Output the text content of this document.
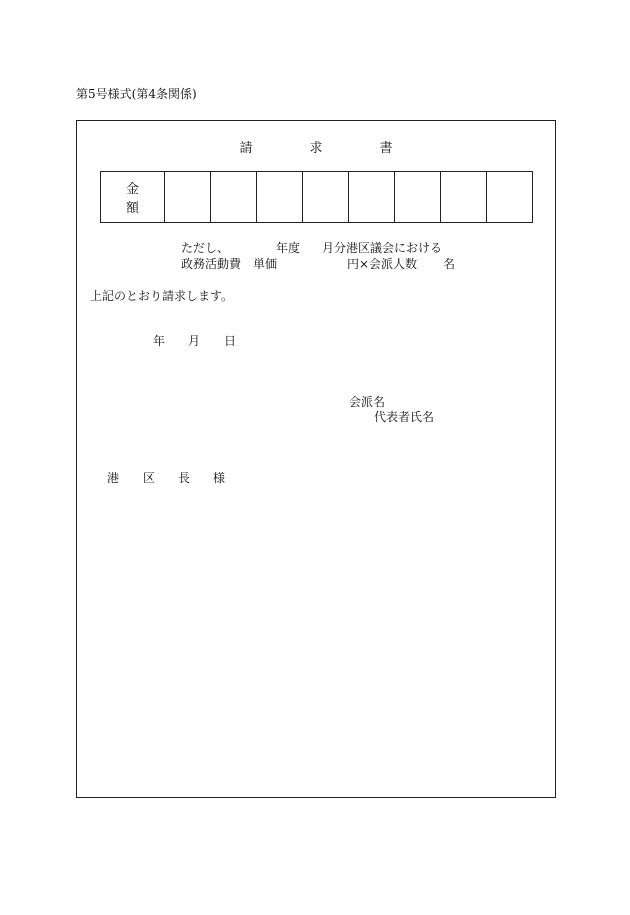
第5号様式(第4条関係)
請　求　書
金　額								
ただし、	年度 月分港区議会における
政務活動費　単価	円×会派人数 名
上記のとおり請求します。
年 月 日
会派名
代表者氏名
港 区 長 様
